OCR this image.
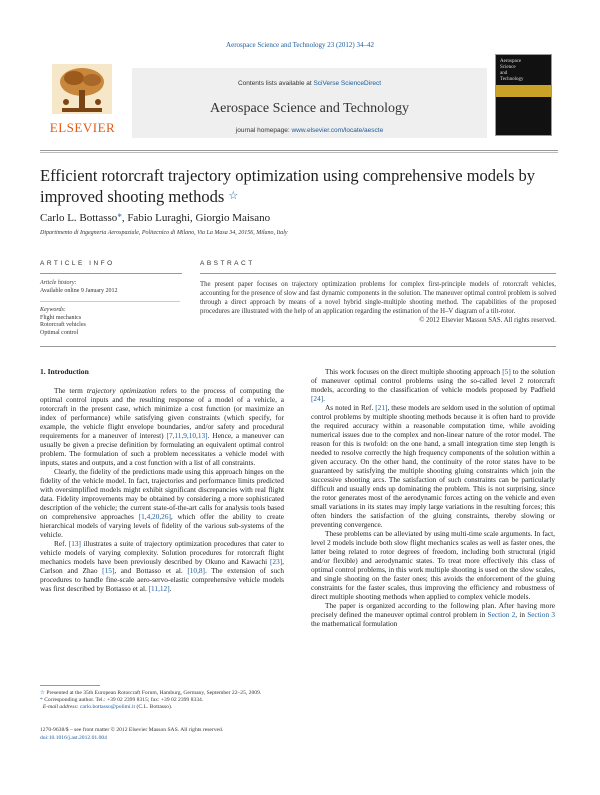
Aerospace Science and Technology 23 (2012) 34–42
ELSEVIER
Contents lists available at SciVerse ScienceDirect
Aerospace Science and Technology
journal homepage: www.elsevier.com/locate/aescte
Aerospace
Science
and
Technology
Efficient rotorcraft trajectory optimization using comprehensive models by
improved shooting methods ☆
Carlo L. Bottasso*, Fabio Luraghi, Giorgio Maisano
Dipartimento di Ingegneria Aerospaziale, Politecnico di Milano, Via La Masa 34, 20156, Milano, Italy
ARTICLE INFO	ABSTRACT
Article history:
Available online 9 January 2012
Keywords:
Flight mechanics
Rotorcraft vehicles
Optimal control
The present paper focuses on trajectory optimization problems for complex first-principle models of rotorcraft vehicles, accounting for the presence of slow and fast dynamic components in the solution. The maneuver optimal control problem is solved through a direct approach by means of a novel hybrid single-multiple shooting method. The capabilities of the proposed procedures are illustrated with the help of an application regarding the estimation of the H–V diagram of a tilt-rotor.
© 2012 Elsevier Masson SAS. All rights reserved.
1. Introduction

The term trajectory optimization refers to the process of computing the optimal control inputs and the resulting response of a model of a vehicle, a rotorcraft in the present case, which minimize a cost function (or maximize an index of performance) while satisfying given constraints (which specify, for example, the vehicle flight envelope boundaries, and/or safety and procedural requirements for a maneuver of interest) [7,11,9,10,13]. Hence, a maneuver can usually be given a precise definition by formulating an equivalent optimal control problem. The formulation of such a problem necessitates a vehicle model with inputs, states and outputs, and a cost function with a list of all constraints.

Clearly, the fidelity of the predictions made using this approach hinges on the fidelity of the vehicle model. In fact, trajectories and performance limits predicted with oversimplified models might exhibit significant discrepancies with real flight data. Fidelity improvements may be obtained by considering a more sophisticated description of the vehicle; the current state-of-the-art calls for analysis tools based on comprehensive approaches [1,4,20,26], which offer the ability to create hierarchical models of varying levels of fidelity of the various sub-systems of the vehicle.

Ref. [13] illustrates a suite of trajectory optimization procedures that cater to vehicle models of varying complexity. Solution procedures for rotorcraft flight mechanics models have been previously described by Okuno and Kawachi [23], Carlson and Zhao [15], and Bottasso et al. [10,8]. The extension of such procedures to handle fine-scale aero-servo-elastic comprehensive vehicle models was first described by Bottasso et al. [11,12].

This work focuses on the direct multiple shooting approach [5] to the solution of maneuver optimal control problems using the so-called level 2 rotorcraft models, according to the classification of vehicle models proposed by Padfield [24].

As noted in Ref. [21], these models are seldom used in the solution of optimal control problems by multiple shooting methods because it is often hard to provide the required accuracy within a reasonable computation time, while avoiding numerical issues due to the complex and non-linear nature of the rotor model. The reason for this is twofold: on the one hand, a small integration time step length is needed to resolve correctly the high frequency components of the solution within a given accuracy. On the other hand, the continuity of the rotor states have to be guaranteed by satisfying the multiple shooting gluing constraints which join the successive shooting arcs. The satisfaction of such constraints can be particularly difficult and usually ends up dominating the problem. This is not surprising, since the rotor generates most of the aerodynamic forces acting on the vehicle and even small variations in its states may imply large variations in the resulting forces; this often hinders the satisfaction of the gluing constraints, thereby slowing or preventing convergence.

These problems can be alleviated by using multi-time scale arguments. In fact, level 2 models include both slow flight mechanics scales as well as faster ones, the latter being related to rotor degrees of freedom, including both structural (rigid and/or flexible) and aerodynamic states. To treat more effectively this class of optimal control problems, in this work multiple shooting is used on the slow scales, and single shooting on the faster ones; this avoids the enforcement of the gluing constraints for the faster scales, thus improving the efficiency and robustness of direct multiple shooting methods when applied to complex vehicle models.

The paper is organized according to the following plan. After having more precisely defined the maneuver optimal control problem in Section 2, in Section 3 the mathematical formulation

☆ Presented at the 35th European Rotorcraft Forum, Hamburg, Germany, September 22–25, 2009.
* Corresponding author. Tel.: +39 02 2399 8315; fax: +39 02 2399 8334.
E-mail address: carlo.bottasso@polimi.it (C.L. Bottasso).
1270-9638/$ – see front matter © 2012 Elsevier Masson SAS. All rights reserved.
doi:10.1016/j.ast.2012.01.004
